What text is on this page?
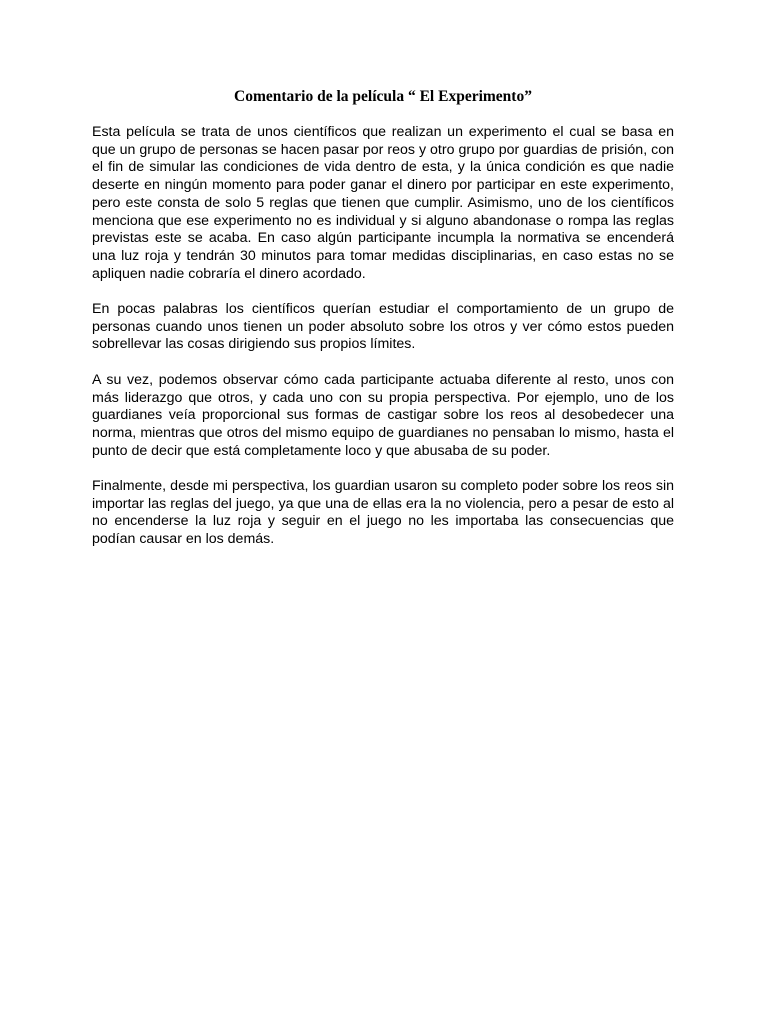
Comentario de la película “ El Experimento”

Esta película se trata de unos científicos que realizan un experimento el cual se basa en que un grupo de personas se hacen pasar por reos y otro grupo por guardias de prisión, con el fin de simular las condiciones de vida dentro de esta, y la única condición es que nadie deserte en ningún momento para poder ganar el dinero por participar en este experimento, pero este consta de solo 5 reglas que tienen que cumplir. Asimismo, uno de los científicos menciona que ese experimento no es individual y si alguno abandonase o rompa las reglas previstas este se acaba. En caso algún participante incumpla la normativa se encenderá una luz roja y tendrán 30 minutos para tomar medidas disciplinarias, en caso estas no se apliquen nadie cobraría el dinero acordado.

En pocas palabras los científicos querían estudiar el comportamiento de un grupo de personas cuando unos tienen un poder absoluto sobre los otros y ver cómo estos pueden sobrellevar las cosas dirigiendo sus propios límites.

A su vez, podemos observar cómo cada participante actuaba diferente al resto, unos con más liderazgo que otros, y cada uno con su propia perspectiva. Por ejemplo, uno de los guardianes veía proporcional sus formas de castigar sobre los reos al desobedecer una norma, mientras que otros del mismo equipo de guardianes no pensaban lo mismo, hasta el punto de decir que está completamente loco y que abusaba de su poder.

Finalmente, desde mi perspectiva, los guardian usaron su completo poder sobre los reos sin importar las reglas del juego, ya que una de ellas era la no violencia, pero a pesar de esto al no encenderse la luz roja y seguir en el juego no les importaba las consecuencias que podían causar en los demás.
